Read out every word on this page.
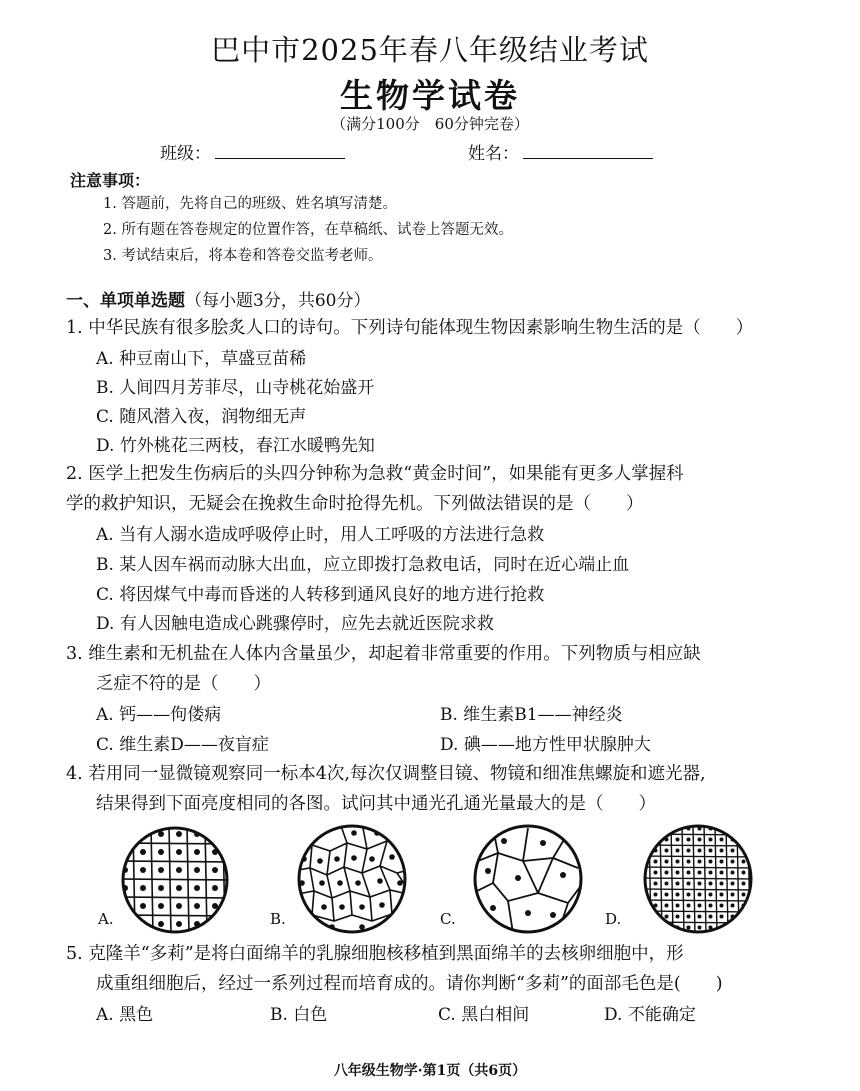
巴中市2025年春八年级结业考试
生物学试卷
（满分100分　60分钟完卷）
班级：	姓名：
注意事项：
1. 答题前，先将自己的班级、姓名填写清楚。
2. 所有题在答卷规定的位置作答，在草稿纸、试卷上答题无效。
3. 考试结束后，将本卷和答卷交监考老师。
一、单项单选题（每小题3分，共60分）
1. 中华民族有很多脍炙人口的诗句。下列诗句能体现生物因素影响生物生活的是（　　）
A. 种豆南山下，草盛豆苗稀
B. 人间四月芳菲尽，山寺桃花始盛开
C. 随风潜入夜，润物细无声
D. 竹外桃花三两枝，春江水暖鸭先知
2. 医学上把发生伤病后的头四分钟称为急救“黄金时间”，如果能有更多人掌握科
学的救护知识，无疑会在挽救生命时抢得先机。下列做法错误的是（　　）
A. 当有人溺水造成呼吸停止时，用人工呼吸的方法进行急救
B. 某人因车祸而动脉大出血，应立即拨打急救电话，同时在近心端止血
C. 将因煤气中毒而昏迷的人转移到通风良好的地方进行抢救
D. 有人因触电造成心跳骤停时，应先去就近医院求救
3. 维生素和无机盐在人体内含量虽少，却起着非常重要的作用。下列物质与相应缺
乏症不符的是（　　）
A. 钙——佝偻病	B. 维生素B1——神经炎
C. 维生素D——夜盲症	D. 碘——地方性甲状腺肿大
4. 若用同一显微镜观察同一标本4次,每次仅调整目镜、物镜和细准焦螺旋和遮光器,
结果得到下面亮度相同的各图。试问其中通光孔通光量最大的是（　　）
A.	B.	C.	D.
5. 克隆羊“多莉”是将白面绵羊的乳腺细胞核移植到黑面绵羊的去核卵细胞中，形
成重组细胞后，经过一系列过程而培育成的。请你判断“多莉”的面部毛色是(　　)
A. 黑色	B. 白色	C. 黑白相间	D. 不能确定
八年级生物学·第1页（共6页）
